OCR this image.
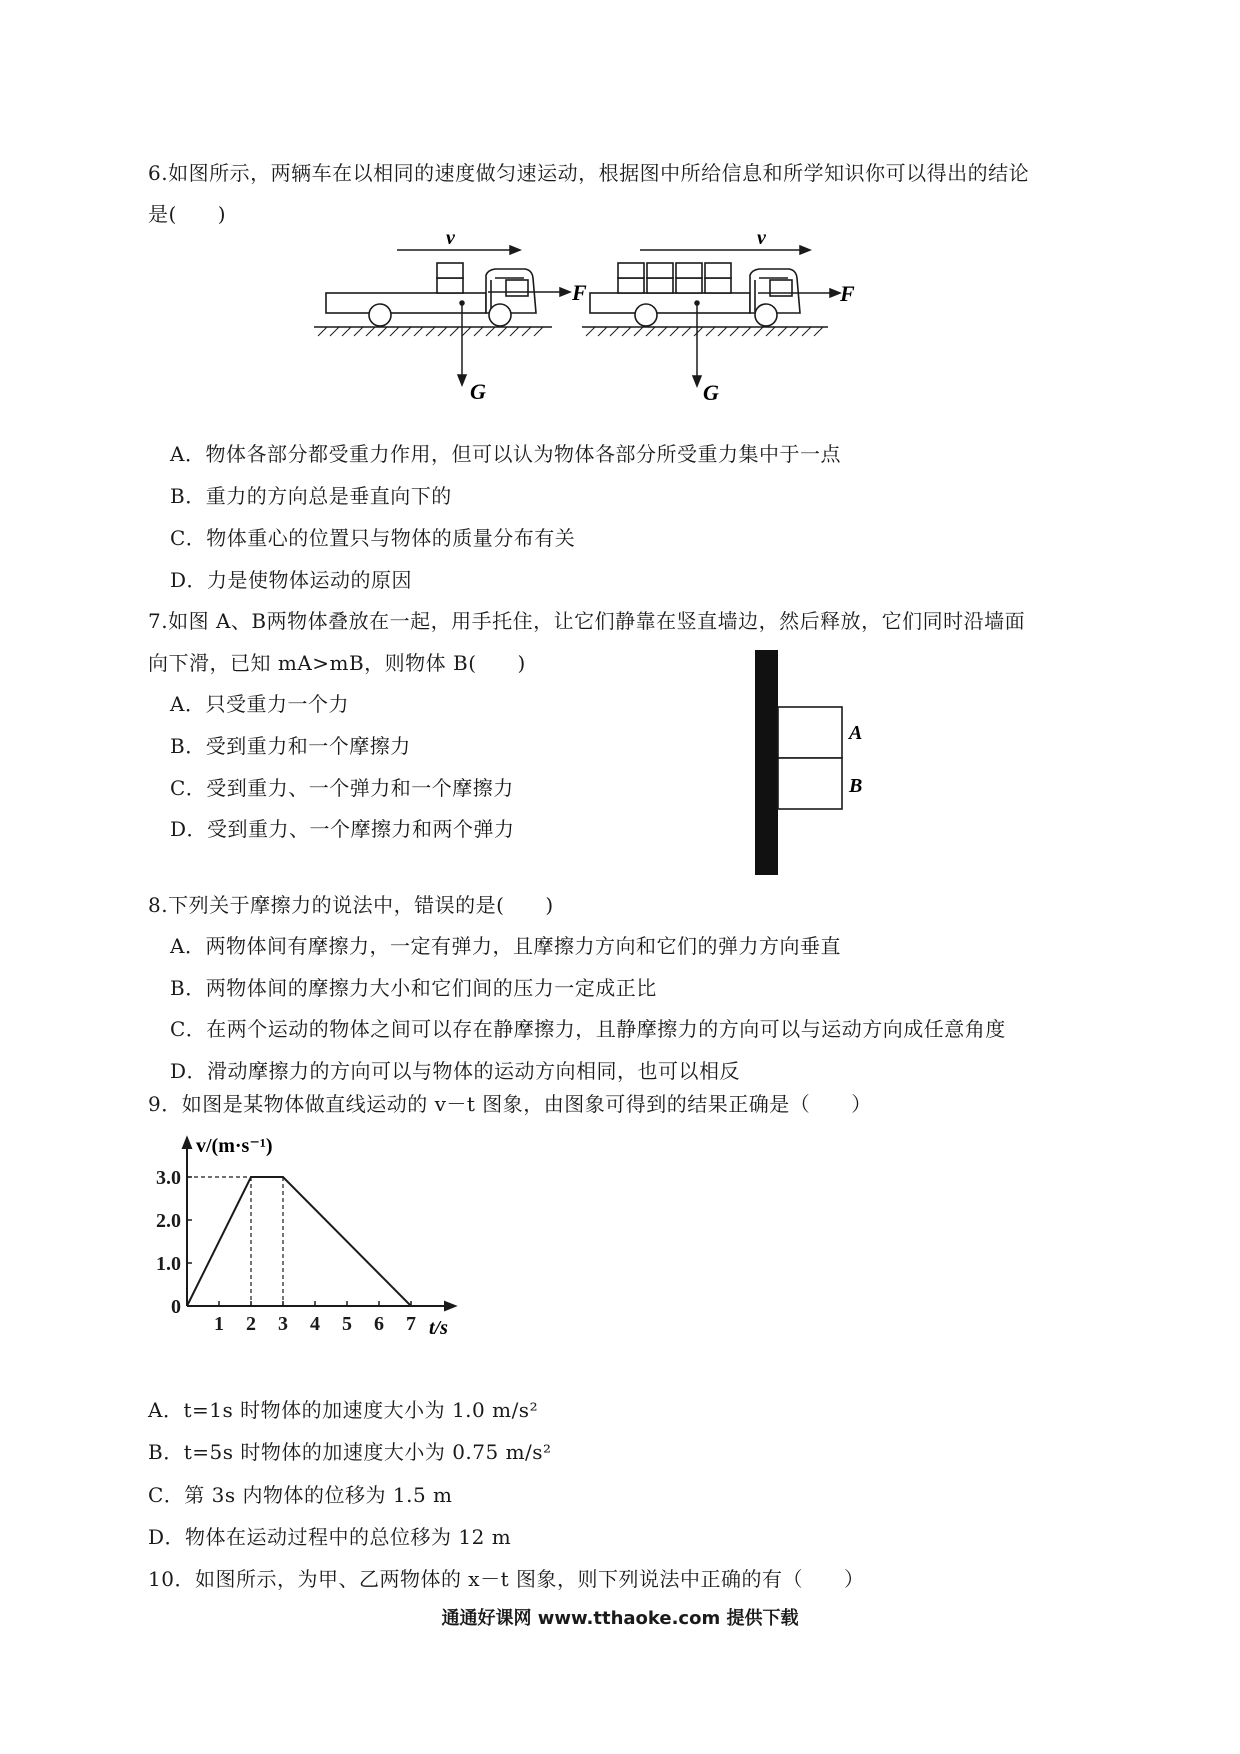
6.如图所示，两辆车在以相同的速度做匀速运动，根据图中所给信息和所学知识你可以得出的结论
是(　　)
v	v
F	F
G	G
A．物体各部分都受重力作用，但可以认为物体各部分所受重力集中于一点
B．重力的方向总是垂直向下的
C．物体重心的位置只与物体的质量分布有关
D．力是使物体运动的原因
7.如图 A、B两物体叠放在一起，用手托住，让它们静靠在竖直墙边，然后释放，它们同时沿墙面
向下滑，已知 mA>mB，则物体 B(　　)
A．只受重力一个力
B．受到重力和一个摩擦力
C．受到重力、一个弹力和一个摩擦力
D．受到重力、一个摩擦力和两个弹力
A
B
8.下列关于摩擦力的说法中，错误的是(　　)
A．两物体间有摩擦力，一定有弹力，且摩擦力方向和它们的弹力方向垂直
B．两物体间的摩擦力大小和它们间的压力一定成正比
C．在两个运动的物体之间可以存在静摩擦力，且静摩擦力的方向可以与运动方向成任意角度
D．滑动摩擦力的方向可以与物体的运动方向相同，也可以相反
9．如图是某物体做直线运动的 v－t 图象，由图象可得到的结果正确是（　　）
1 2 3 4 5 6 7
0
1.0
2.0
3.0
v/(m·s⁻¹)
t/s
A．t=1s 时物体的加速度大小为 1.0 m/s²
B．t=5s 时物体的加速度大小为 0.75 m/s²
C．第 3s 内物体的位移为 1.5 m
D．物体在运动过程中的总位移为 12 m
10．如图所示，为甲、乙两物体的 x－t 图象，则下列说法中正确的有（　　）
通通好课网 www.tthaoke.com 提供下载
